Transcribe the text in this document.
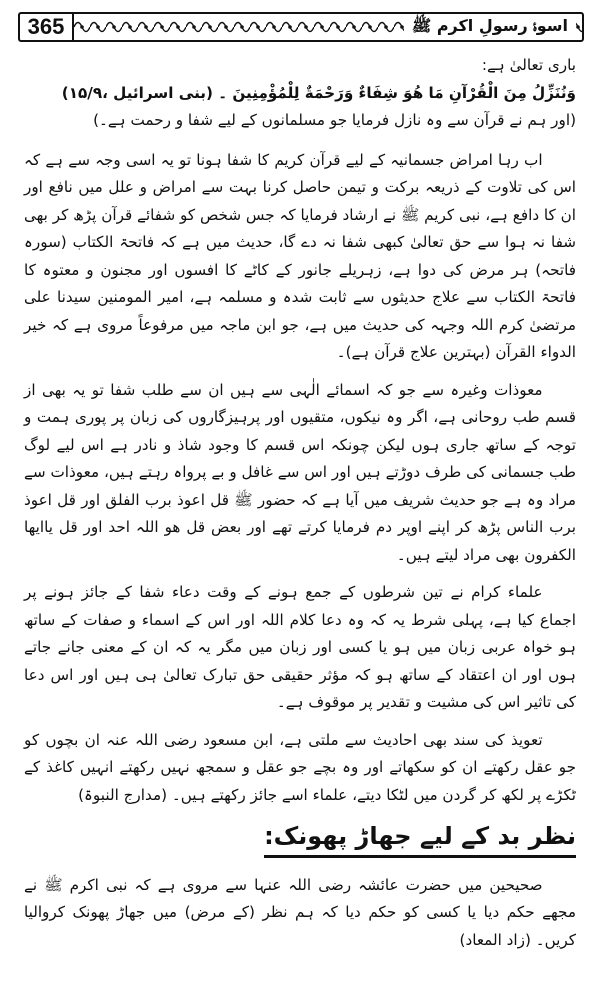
365	اسوۂ رسولِ اکرم ﷺ

باری تعالیٰ ہے:

وَنُنَزِّلُ مِنَ الْقُرْآنِ مَا هُوَ شِفَاءٌ وَرَحْمَةٌ لِلْمُؤْمِنِينَ ۔ (بنی اسرائیل ،۱۵/۹)

(اور ہم نے قرآن سے وہ نازل فرمایا جو مسلمانوں کے لیے شفا و رحمت ہے۔)

اب رہا امراض جسمانیہ کے لیے قرآن کریم کا شفا ہونا تو یہ اسی وجہ سے ہے کہ اس کی تلاوت کے ذریعہ برکت و تیمن حاصل کرنا بہت سے امراض و علل میں نافع اور ان کا دافع ہے، نبی کریم ﷺ نے ارشاد فرمایا کہ جس شخص کو شفائے قرآن پڑھ کر بھی شفا نہ ہوا سے حق تعالیٰ کبھی شفا نہ دے گا، حدیث میں ہے کہ فاتحۃ الکتاب (سورہ فاتحہ) ہر مرض کی دوا ہے، زہریلے جانور کے کاٹے کا افسوں اور مجنون و معتوہ کا فاتحۃ الکتاب سے علاج حدیثوں سے ثابت شدہ و مسلمہ ہے، امیر المومنین سیدنا علی مرتضیٰ کرم اللہ وجہہ کی حدیث میں ہے، جو ابن ماجہ میں مرفوعاً مروی ہے کہ خیر الدواء القرآن (بہترین علاج قرآن ہے)۔

معوذات وغیرہ سے جو کہ اسمائے الٰہی سے ہیں ان سے طلب شفا تو یہ بھی از قسم طب روحانی ہے، اگر وہ نیکوں، متقیوں اور پرہیزگاروں کی زبان پر پوری ہمت و توجہ کے ساتھ جاری ہوں لیکن چونکہ اس قسم کا وجود شاذ و نادر ہے اس لیے لوگ طب جسمانی کی طرف دوڑتے ہیں اور اس سے غافل و بے پرواہ رہتے ہیں، معوذات سے مراد وہ ہے جو حدیث شریف میں آیا ہے کہ حضور ﷺ قل اعوذ برب الفلق اور قل اعوذ برب الناس پڑھ کر اپنے اوپر دم فرمایا کرتے تھے اور بعض قل ھو اللہ احد اور قل یاایھا الکفرون بھی مراد لیتے ہیں۔

علماء کرام نے تین شرطوں کے جمع ہونے کے وقت دعاء شفا کے جائز ہونے پر اجماع کیا ہے، پہلی شرط یہ کہ وہ دعا کلام اللہ اور اس کے اسماء و صفات کے ساتھ ہو خواہ عربی زبان میں ہو یا کسی اور زبان میں مگر یہ کہ ان کے معنی جانے جاتے ہوں اور ان اعتقاد کے ساتھ ہو کہ مؤثر حقیقی حق تبارک تعالیٰ ہی ہیں اور اس دعا کی تاثیر اس کی مشیت و تقدیر پر موقوف ہے۔

تعویذ کی سند بھی احادیث سے ملتی ہے، ابن مسعود رضی اللہ عنہ ان بچوں کو جو عقل رکھتے ان کو سکھاتے اور وہ بچے جو عقل و سمجھ نہیں رکھتے انہیں کاغذ کے ٹکڑے پر لکھ کر گردن میں لٹکا دیتے، علماء اسے جائز رکھتے ہیں۔ (مدارج النبوۃ)

نظر بد کے لیے جھاڑ پھونک:

صحیحین میں حضرت عائشہ رضی اللہ عنہا سے مروی ہے کہ نبی اکرم ﷺ نے مجھے حکم دیا یا کسی کو حکم دیا کہ ہم نظر (کے مرض) میں جھاڑ پھونک کروالیا کریں۔ (زاد المعاد)
